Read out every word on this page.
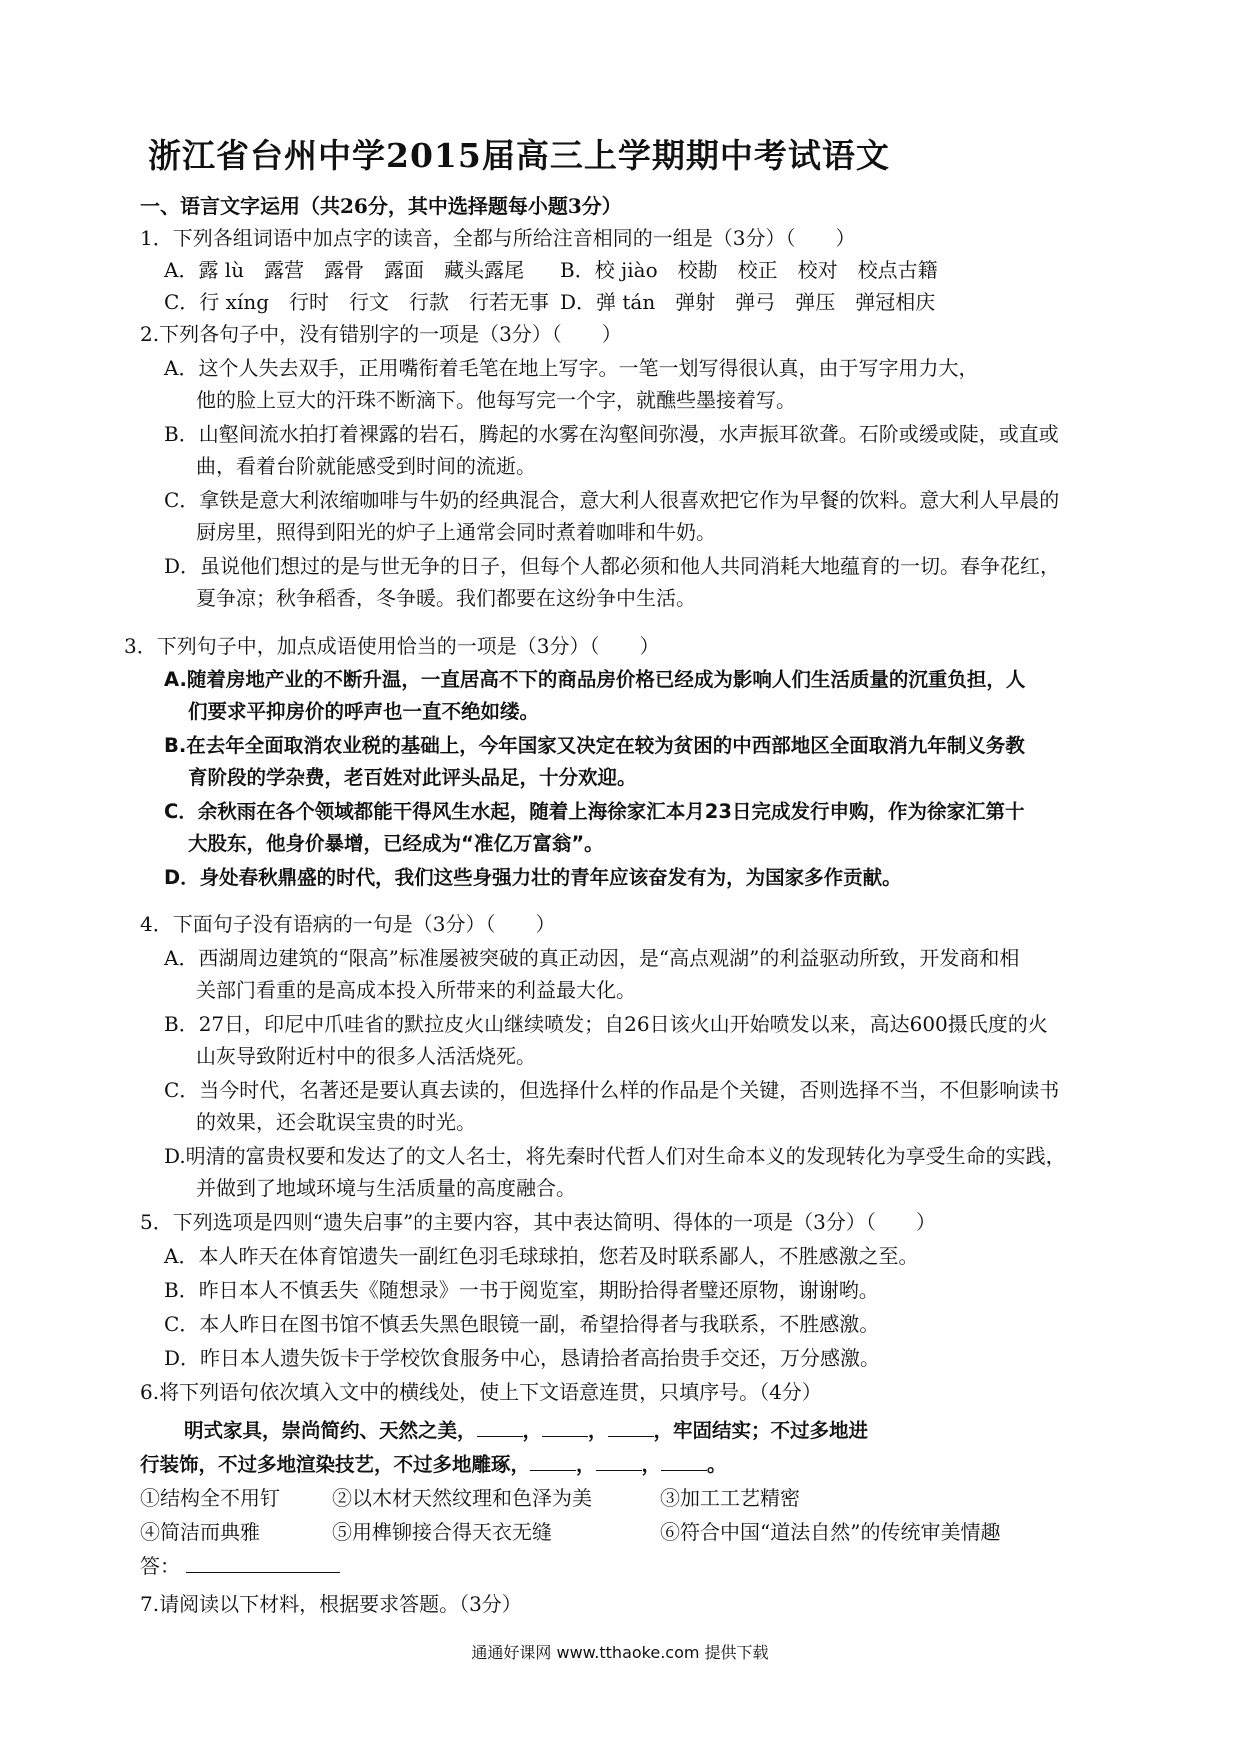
浙江省台州中学2015届高三上学期期中考试语文
一、语言文字运用（共26分，其中选择题每小题3分）
1．下列各组词语中加点字的读音，全都与所给注音相同的一组是（3分）（　　）
A．露 lù　露营　露骨　露面　藏头露尾 B．校 jiào　校勘　校正　校对　校点古籍
C．行 xíng　行时　行文　行款　行若无事 D．弹 tán　弹射　弹弓　弹压　弹冠相庆
2.下列各句子中，没有错别字的一项是（3分）（　　）
A．这个人失去双手，正用嘴衔着毛笔在地上写字。一笔一划写得很认真，由于写字用力大，
他的脸上豆大的汗珠不断滴下。他每写完一个字，就醮些墨接着写。
B．山壑间流水拍打着裸露的岩石，腾起的水雾在沟壑间弥漫，水声振耳欲聋。石阶或缓或陡，或直或
曲，看着台阶就能感受到时间的流逝。
C．拿铁是意大利浓缩咖啡与牛奶的经典混合，意大利人很喜欢把它作为早餐的饮料。意大利人早晨的
厨房里，照得到阳光的炉子上通常会同时煮着咖啡和牛奶。
D．虽说他们想过的是与世无争的日子，但每个人都必须和他人共同消耗大地蕴育的一切。春争花红，
夏争凉；秋争稻香，冬争暖。我们都要在这纷争中生活。
3．下列句子中，加点成语使用恰当的一项是（3分）（　　）
A.随着房地产业的不断升温，一直居高不下的商品房价格已经成为影响人们生活质量的沉重负担，人
们要求平抑房价的呼声也一直不绝如缕。
B.在去年全面取消农业税的基础上，今年国家又决定在较为贫困的中西部地区全面取消九年制义务教
育阶段的学杂费，老百姓对此评头品足，十分欢迎。
C．余秋雨在各个领域都能干得风生水起，随着上海徐家汇本月23日完成发行申购，作为徐家汇第十
大股东，他身价暴增，已经成为“准亿万富翁”。
D．身处春秋鼎盛的时代，我们这些身强力壮的青年应该奋发有为，为国家多作贡献。
4．下面句子没有语病的一句是（3分）（　　）
A．西湖周边建筑的“限高”标准屡被突破的真正动因，是“高点观湖”的利益驱动所致，开发商和相
关部门看重的是高成本投入所带来的利益最大化。
B．27日，印尼中爪哇省的默拉皮火山继续喷发；自26日该火山开始喷发以来，高达600摄氏度的火
山灰导致附近村中的很多人活活烧死。
C．当今时代，名著还是要认真去读的，但选择什么样的作品是个关键，否则选择不当，不但影响读书
的效果，还会耽误宝贵的时光。
D.明清的富贵权要和发达了的文人名士，将先秦时代哲人们对生命本义的发现转化为享受生命的实践，
并做到了地域环境与生活质量的高度融合。
5．下列选项是四则“遗失启事”的主要内容，其中表达简明、得体的一项是（3分）（　　）
A．本人昨天在体育馆遗失一副红色羽毛球球拍，您若及时联系鄙人，不胜感激之至。
B．昨日本人不慎丢失《随想录》一书于阅览室，期盼拾得者璧还原物，谢谢哟。
C．本人昨日在图书馆不慎丢失黑色眼镜一副，希望拾得者与我联系，不胜感激。
D．昨日本人遗失饭卡于学校饮食服务中心，恳请拾者高抬贵手交还，万分感激。
6.将下列语句依次填入文中的横线处，使上下文语意连贯，只填序号。（4分）
明式家具，崇尚简约、天然之美， ， ， ，牢固结实；不过多地进
行装饰，不过多地渲染技艺，不过多地雕琢， ， ， 。
①结构全不用钉	②以木材天然纹理和色泽为美	③加工工艺精密
④简洁而典雅	⑤用榫铆接合得天衣无缝	⑥符合中国“道法自然”的传统审美情趣
答：
7.请阅读以下材料，根据要求答题。（3分）
通通好课网 www.tthaoke.com 提供下载
